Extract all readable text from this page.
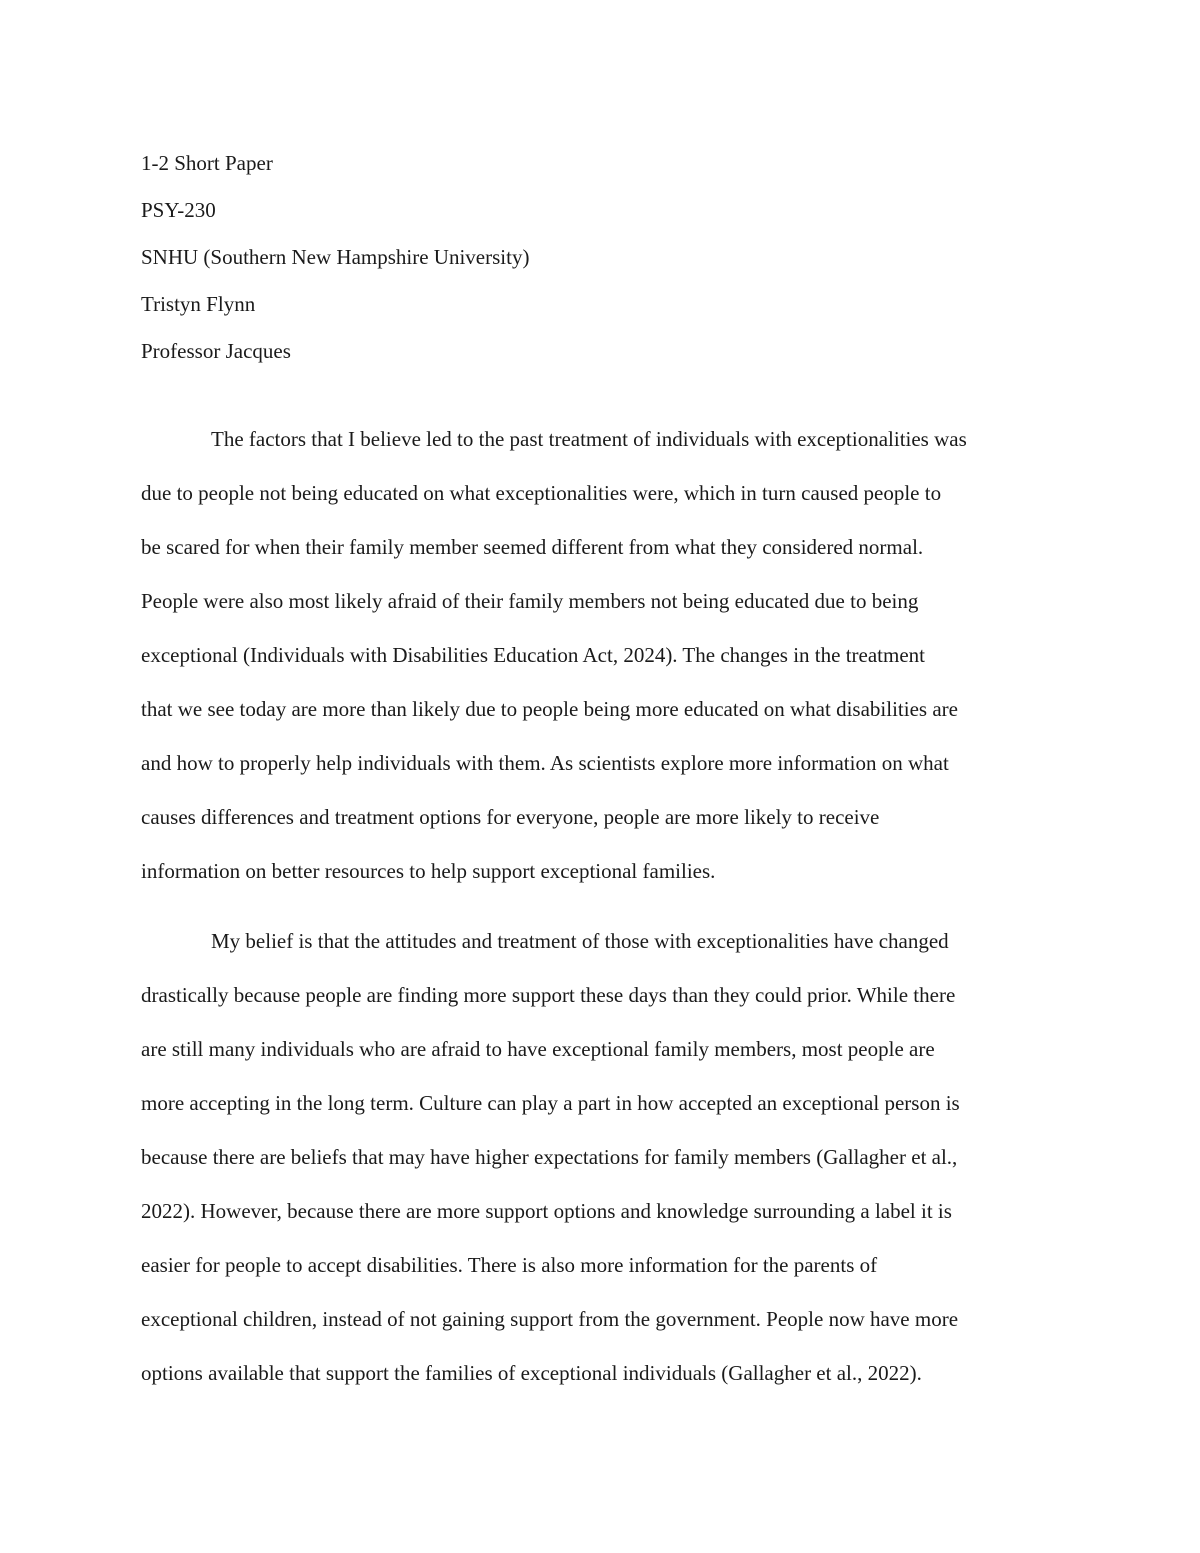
1-2 Short Paper
PSY-230
SNHU (Southern New Hampshire University)
Tristyn Flynn
Professor Jacques
The factors that I believe led to the past treatment of individuals with exceptionalities was
due to people not being educated on what exceptionalities were, which in turn caused people to
be scared for when their family member seemed different from what they considered normal.
People were also most likely afraid of their family members not being educated due to being
exceptional (Individuals with Disabilities Education Act, 2024). The changes in the treatment
that we see today are more than likely due to people being more educated on what disabilities are
and how to properly help individuals with them. As scientists explore more information on what
causes differences and treatment options for everyone, people are more likely to receive
information on better resources to help support exceptional families.
My belief is that the attitudes and treatment of those with exceptionalities have changed
drastically because people are finding more support these days than they could prior. While there
are still many individuals who are afraid to have exceptional family members, most people are
more accepting in the long term. Culture can play a part in how accepted an exceptional person is
because there are beliefs that may have higher expectations for family members (Gallagher et al.,
2022). However, because there are more support options and knowledge surrounding a label it is
easier for people to accept disabilities. There is also more information for the parents of
exceptional children, instead of not gaining support from the government. People now have more
options available that support the families of exceptional individuals (Gallagher et al., 2022).
